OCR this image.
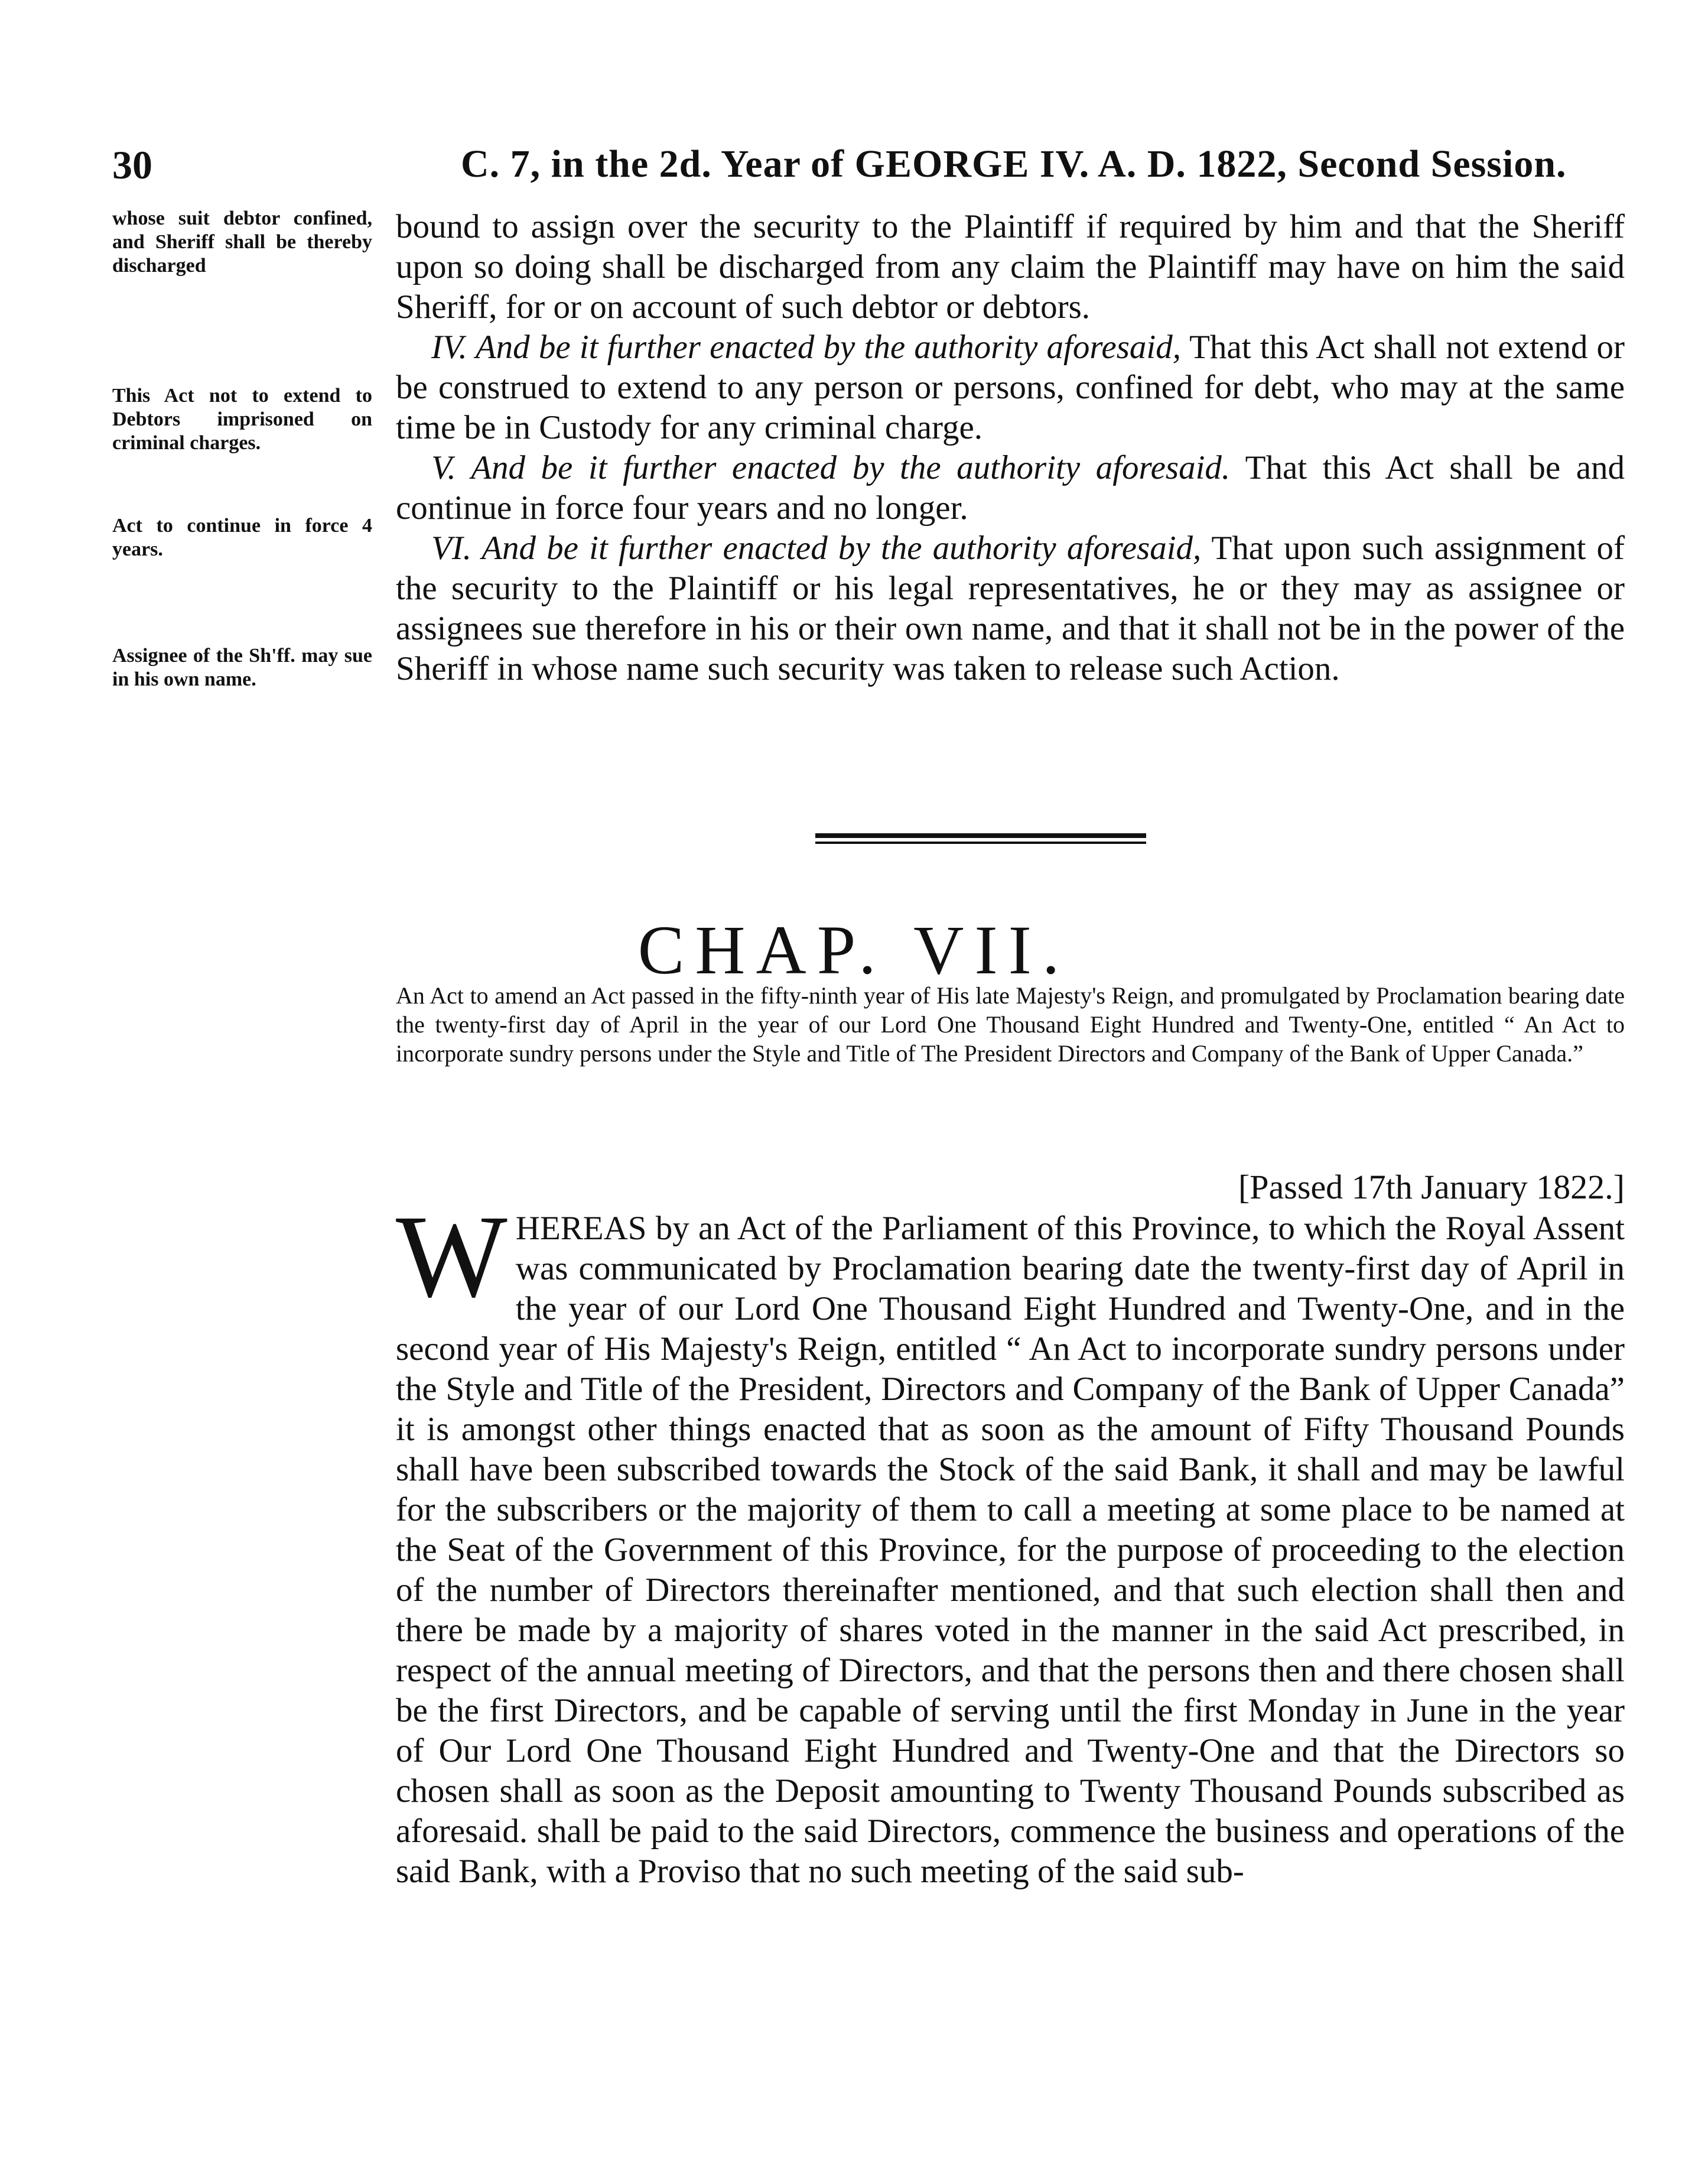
30	C. 7, in the 2d. Year of GEORGE IV. A. D. 1822, Second Session.
whose suit debtor confined, and Sheriff shall be thereby discharged
This Act not to extend to Debtors imprisoned on criminal charges.
Act to continue in force 4 years.
Assignee of the Sh'ff. may sue in his own name.

bound to assign over the security to the Plaintiff if required by him and that the Sheriff upon so doing shall be discharged from any claim the Plaintiff may have on him the said Sheriff, for or on account of such debtor or debtors.

IV. And be it further enacted by the authority aforesaid, That this Act shall not extend or be construed to extend to any person or persons, confined for debt, who may at the same time be in Custody for any criminal charge.

V. And be it further enacted by the authority aforesaid. That this Act shall be and continue in force four years and no longer.

VI. And be it further enacted by the authority aforesaid, That upon such assignment of the security to the Plaintiff or his legal representatives, he or they may as assignee or assignees sue therefore in his or their own name, and that it shall not be in the power of the Sheriff in whose name such security was taken to release such Action.

CHAP. VII.
An Act to amend an Act passed in the fifty-ninth year of His late Majesty's Reign, and promulgated by Proclamation bearing date the twenty-first day of April in the year of our Lord One Thousand Eight Hundred and Twenty-One, entitled “ An Act to incorporate sundry persons under the Style and Title of The President Directors and Company of the Bank of Upper Canada.”
[Passed 17th January 1822.]
WHEREAS by an Act of the Parliament of this Province, to which the Royal Assent was communicated by Proclamation bearing date the twenty-first day of April in the year of our Lord One Thousand Eight Hundred and Twenty-One, and in the second year of His Majesty's Reign, entitled “ An Act to incorporate sundry persons under the Style and Title of the President, Directors and Company of the Bank of Upper Canada” it is amongst other things enacted that as soon as the amount of Fifty Thousand Pounds shall have been subscribed towards the Stock of the said Bank, it shall and may be lawful for the subscribers or the majority of them to call a meeting at some place to be named at the Seat of the Government of this Province, for the purpose of proceeding to the election of the number of Directors thereinafter mentioned, and that such election shall then and there be made by a majority of shares voted in the manner in the said Act prescribed, in respect of the annual meeting of Directors, and that the persons then and there chosen shall be the first Directors, and be capable of serving until the first Monday in June in the year of Our Lord One Thousand Eight Hundred and Twenty-One and that the Directors so chosen shall as soon as the Deposit amounting to Twenty Thousand Pounds subscribed as aforesaid. shall be paid to the said Directors, commence the business and operations of the said Bank, with a Proviso that no such meeting of the said sub-
